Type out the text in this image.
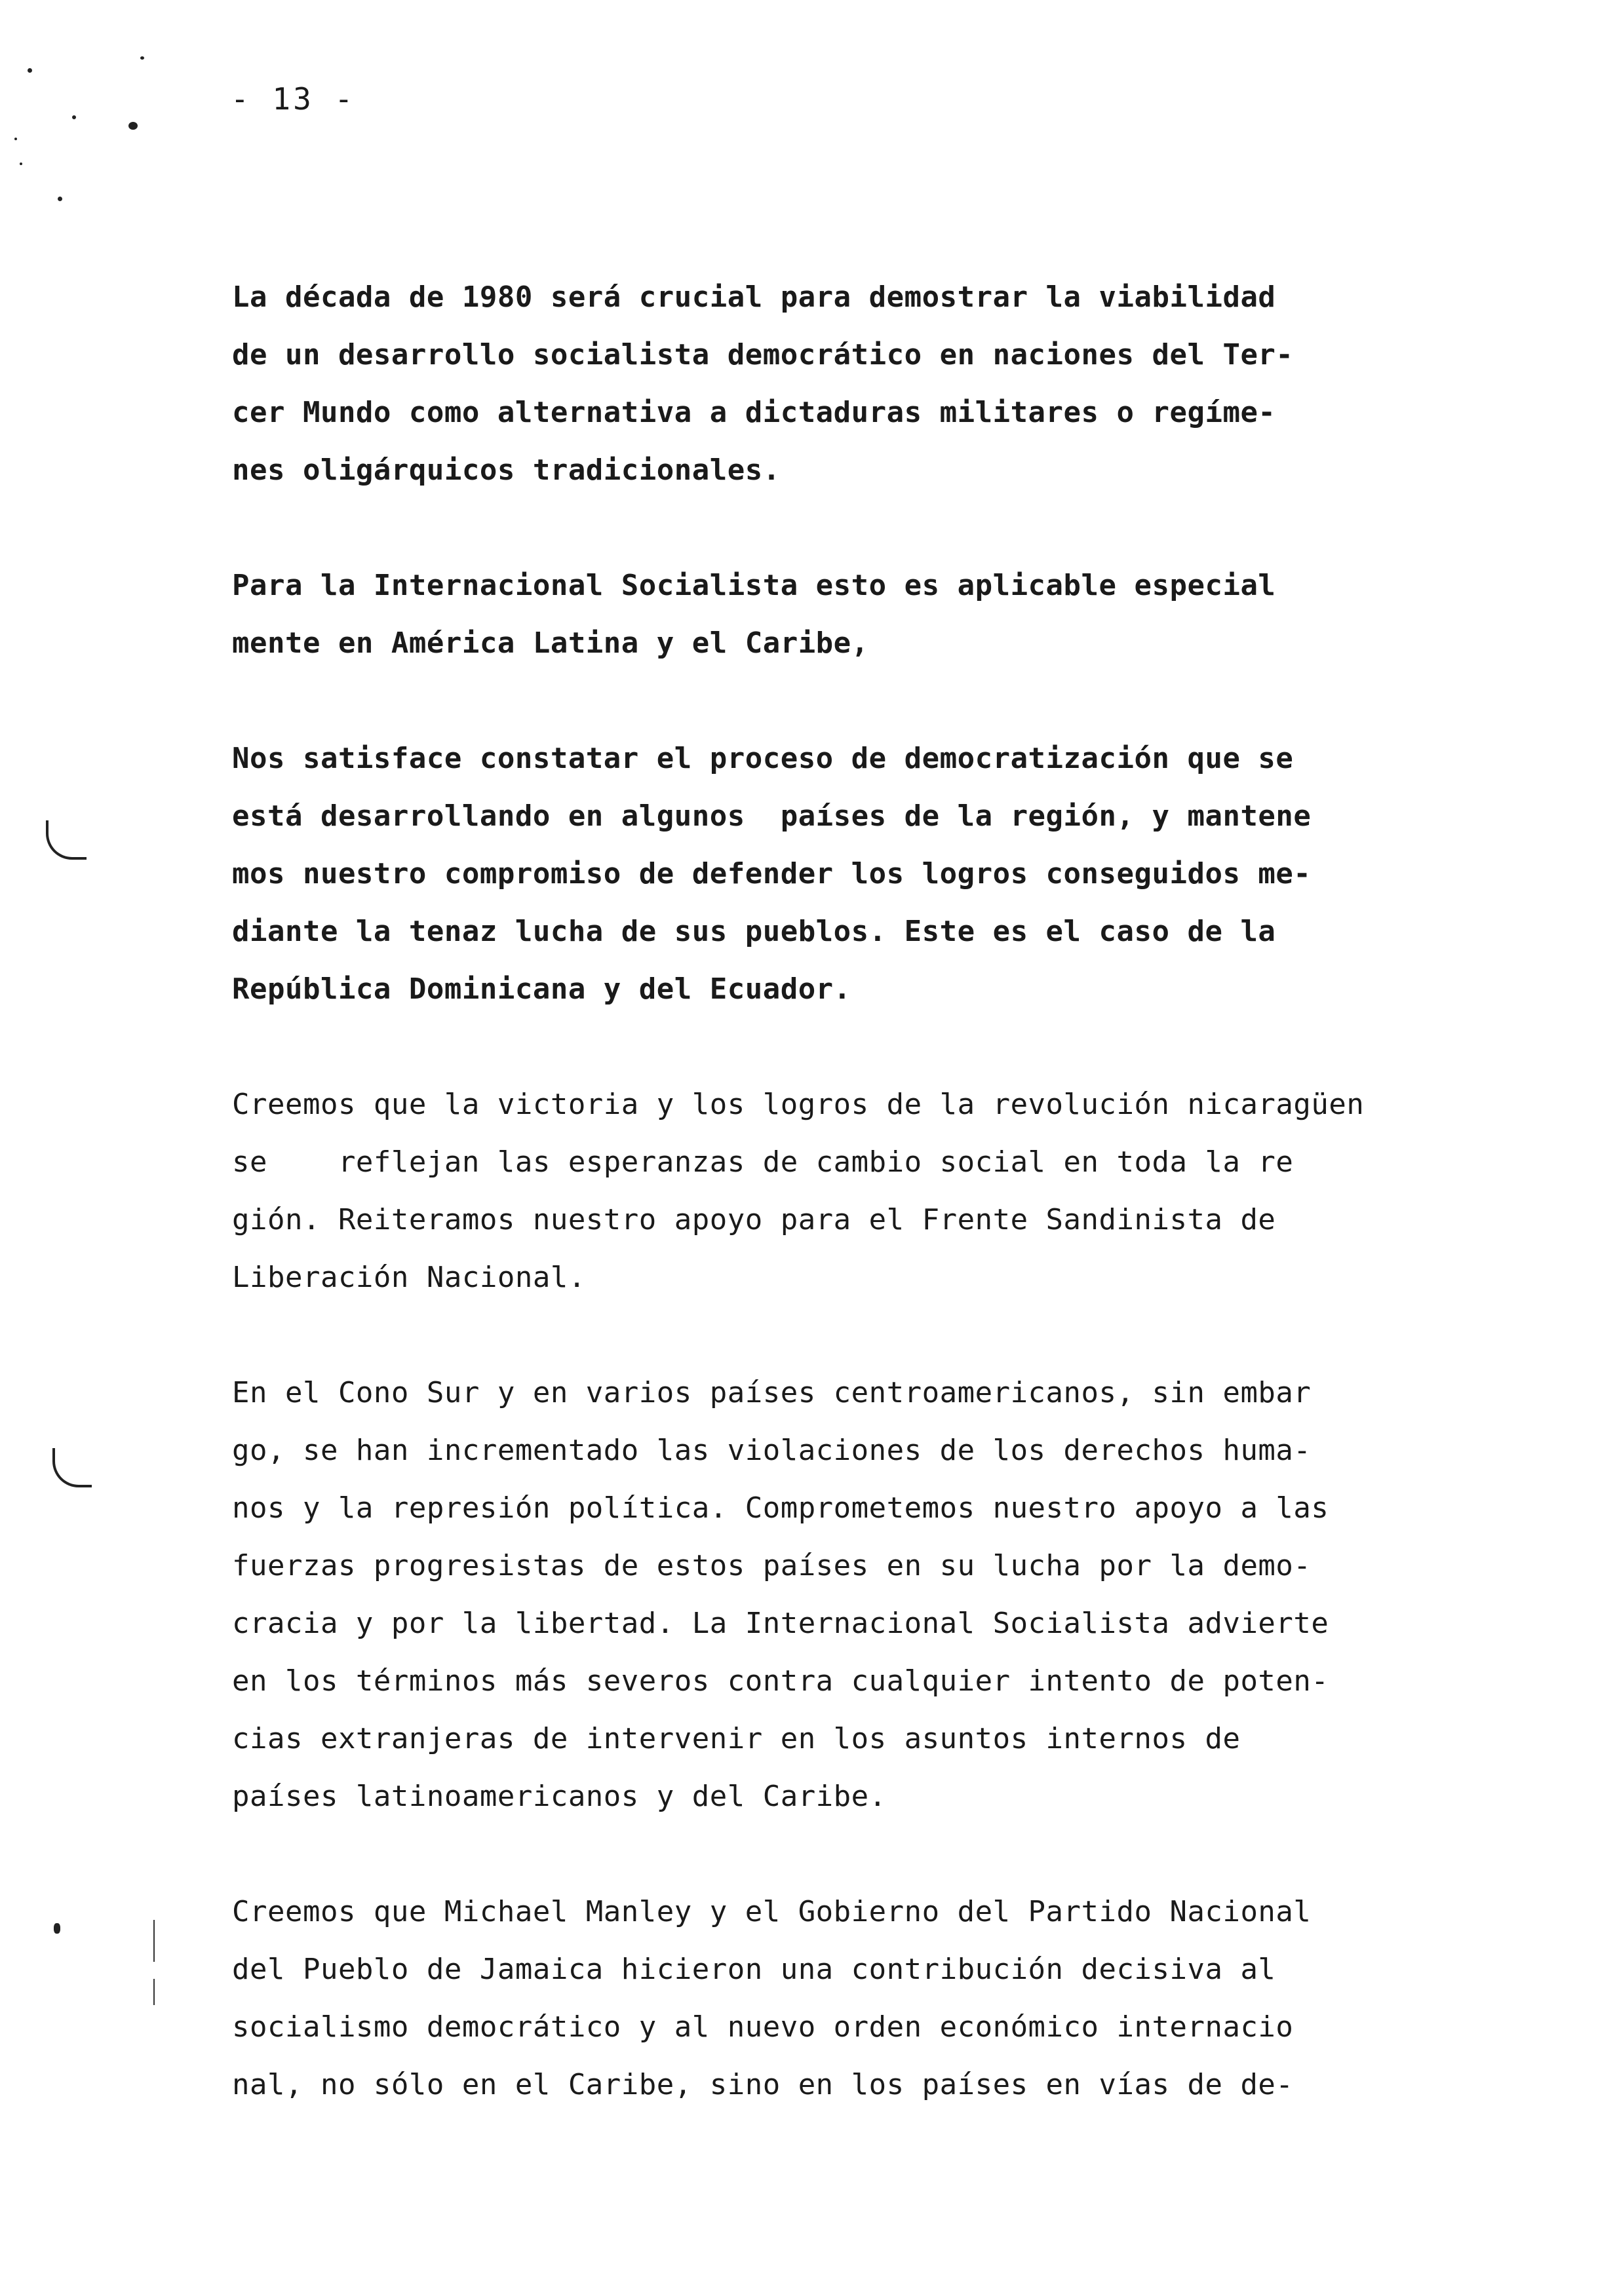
- 13 -
La década de 1980 será crucial para demostrar la viabilidad
de un desarrollo socialista democrático en naciones del Ter-
cer Mundo como alternativa a dictaduras militares o regíme-
nes oligárquicos tradicionales.
Para la Internacional Socialista esto es aplicable especial
mente en América Latina y el Caribe,
Nos satisface constatar el proceso de democratización que se
está desarrollando en algunos  países de la región, y mantene
mos nuestro compromiso de defender los logros conseguidos me-
diante la tenaz lucha de sus pueblos. Este es el caso de la
República Dominicana y del Ecuador.
Creemos que la victoria y los logros de la revolución nicaragüen
se    reflejan las esperanzas de cambio social en toda la re
gión. Reiteramos nuestro apoyo para el Frente Sandinista de
Liberación Nacional.
En el Cono Sur y en varios países centroamericanos, sin embar
go, se han incrementado las violaciones de los derechos huma-
nos y la represión política. Comprometemos nuestro apoyo a las
fuerzas progresistas de estos países en su lucha por la demo-
cracia y por la libertad. La Internacional Socialista advierte
en los términos más severos contra cualquier intento de poten-
cias extranjeras de intervenir en los asuntos internos de
países latinoamericanos y del Caribe.
Creemos que Michael Manley y el Gobierno del Partido Nacional
del Pueblo de Jamaica hicieron una contribución decisiva al
socialismo democrático y al nuevo orden económico internacio
nal, no sólo en el Caribe, sino en los países en vías de de-
